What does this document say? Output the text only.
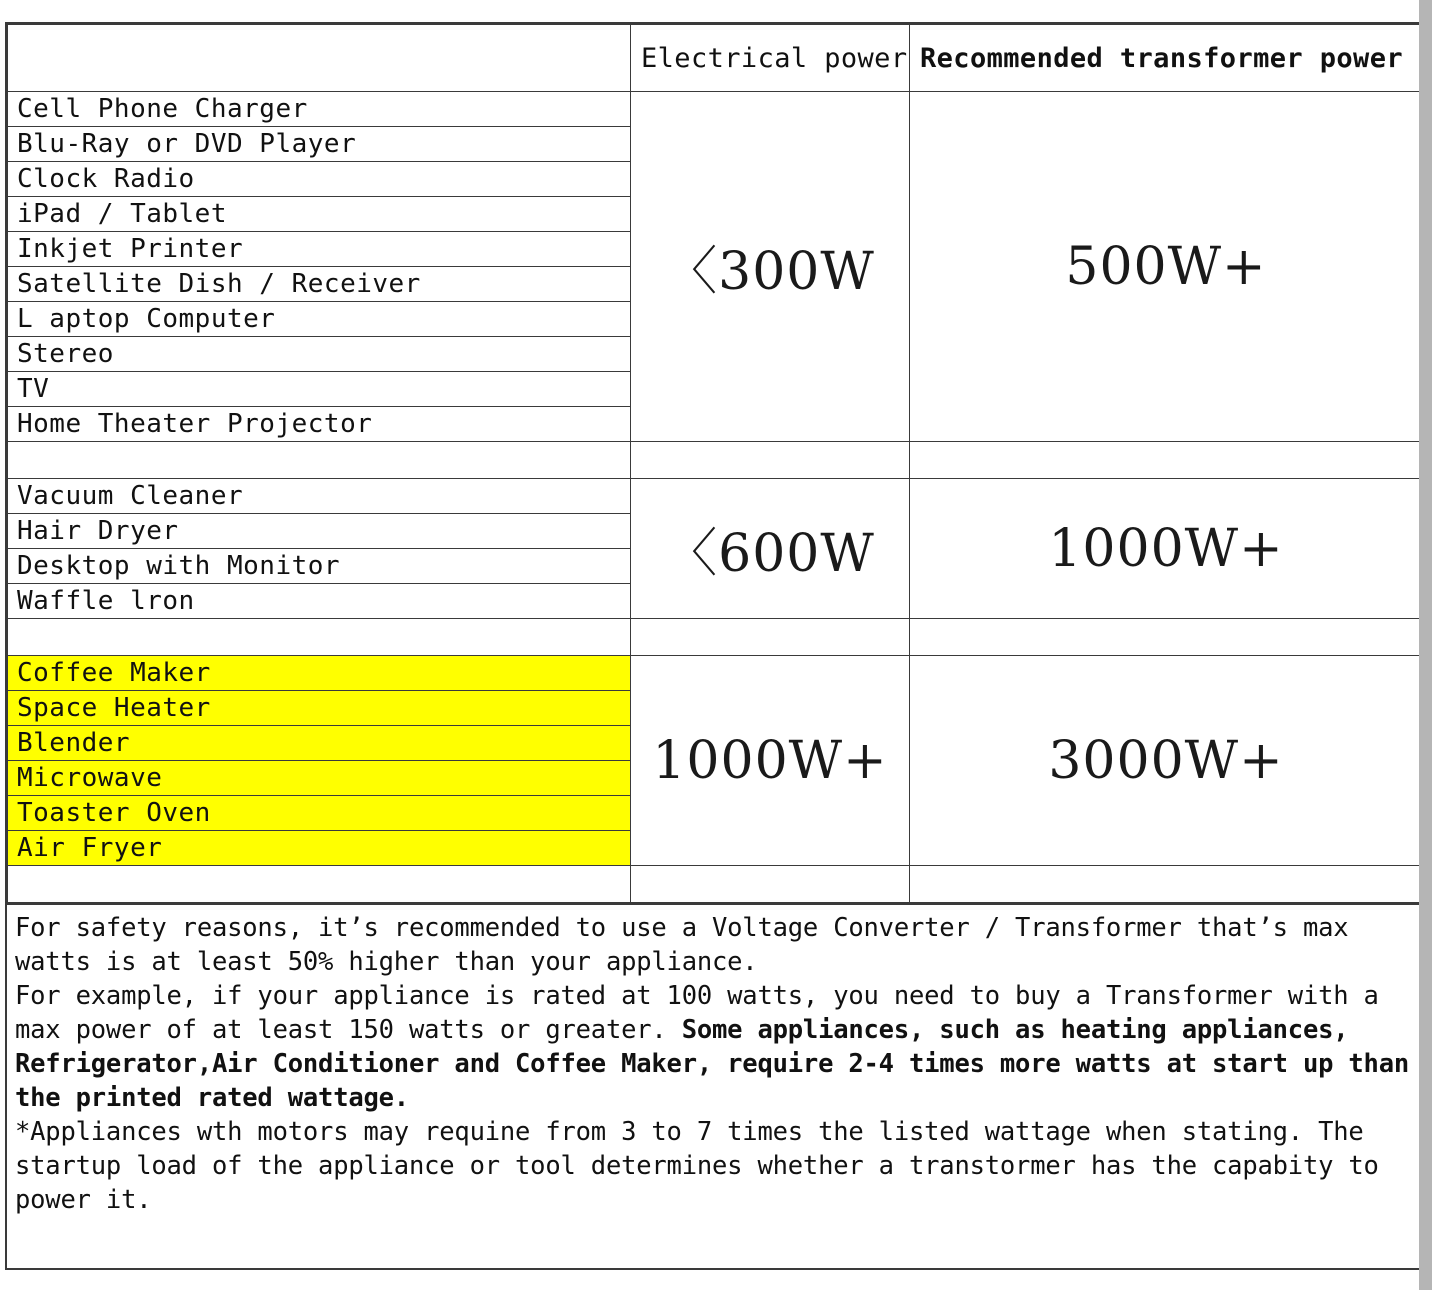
	Electrical power	Recommended transformer power
Cell Phone Charger	〈300W	500W+
Blu-Ray or DVD Player		
Clock Radio		
iPad / Tablet		
Inkjet Printer		
Satellite Dish / Receiver		
L aptop Computer		
Stereo		
TV		
Home Theater Projector		

Vacuum Cleaner	〈600W	1000W+
Hair Dryer		
Desktop with Monitor		
Waffle lron		

Coffee Maker	1000W+	3000W+
Space Heater		
Blender		
Microwave		
Toaster Oven		
Air Fryer		

For safety reasons, it’s recommended to use a Voltage Converter / Transformer that’s max watts is at least 50% higher than your appliance.

For example, if your appliance is rated at 100 watts, you need to buy a Transformer with a max power of at least 150 watts or greater. Some appliances, such as heating appliances, Refrigerator,Air Conditioner and Coffee Maker, require 2-4 times more watts at start up than the printed rated wattage.

*Appliances wth motors may requine from 3 to 7 times the listed wattage when stating. The startup load of the appliance or tool determines whether a transtormer has the capabity to power it.
